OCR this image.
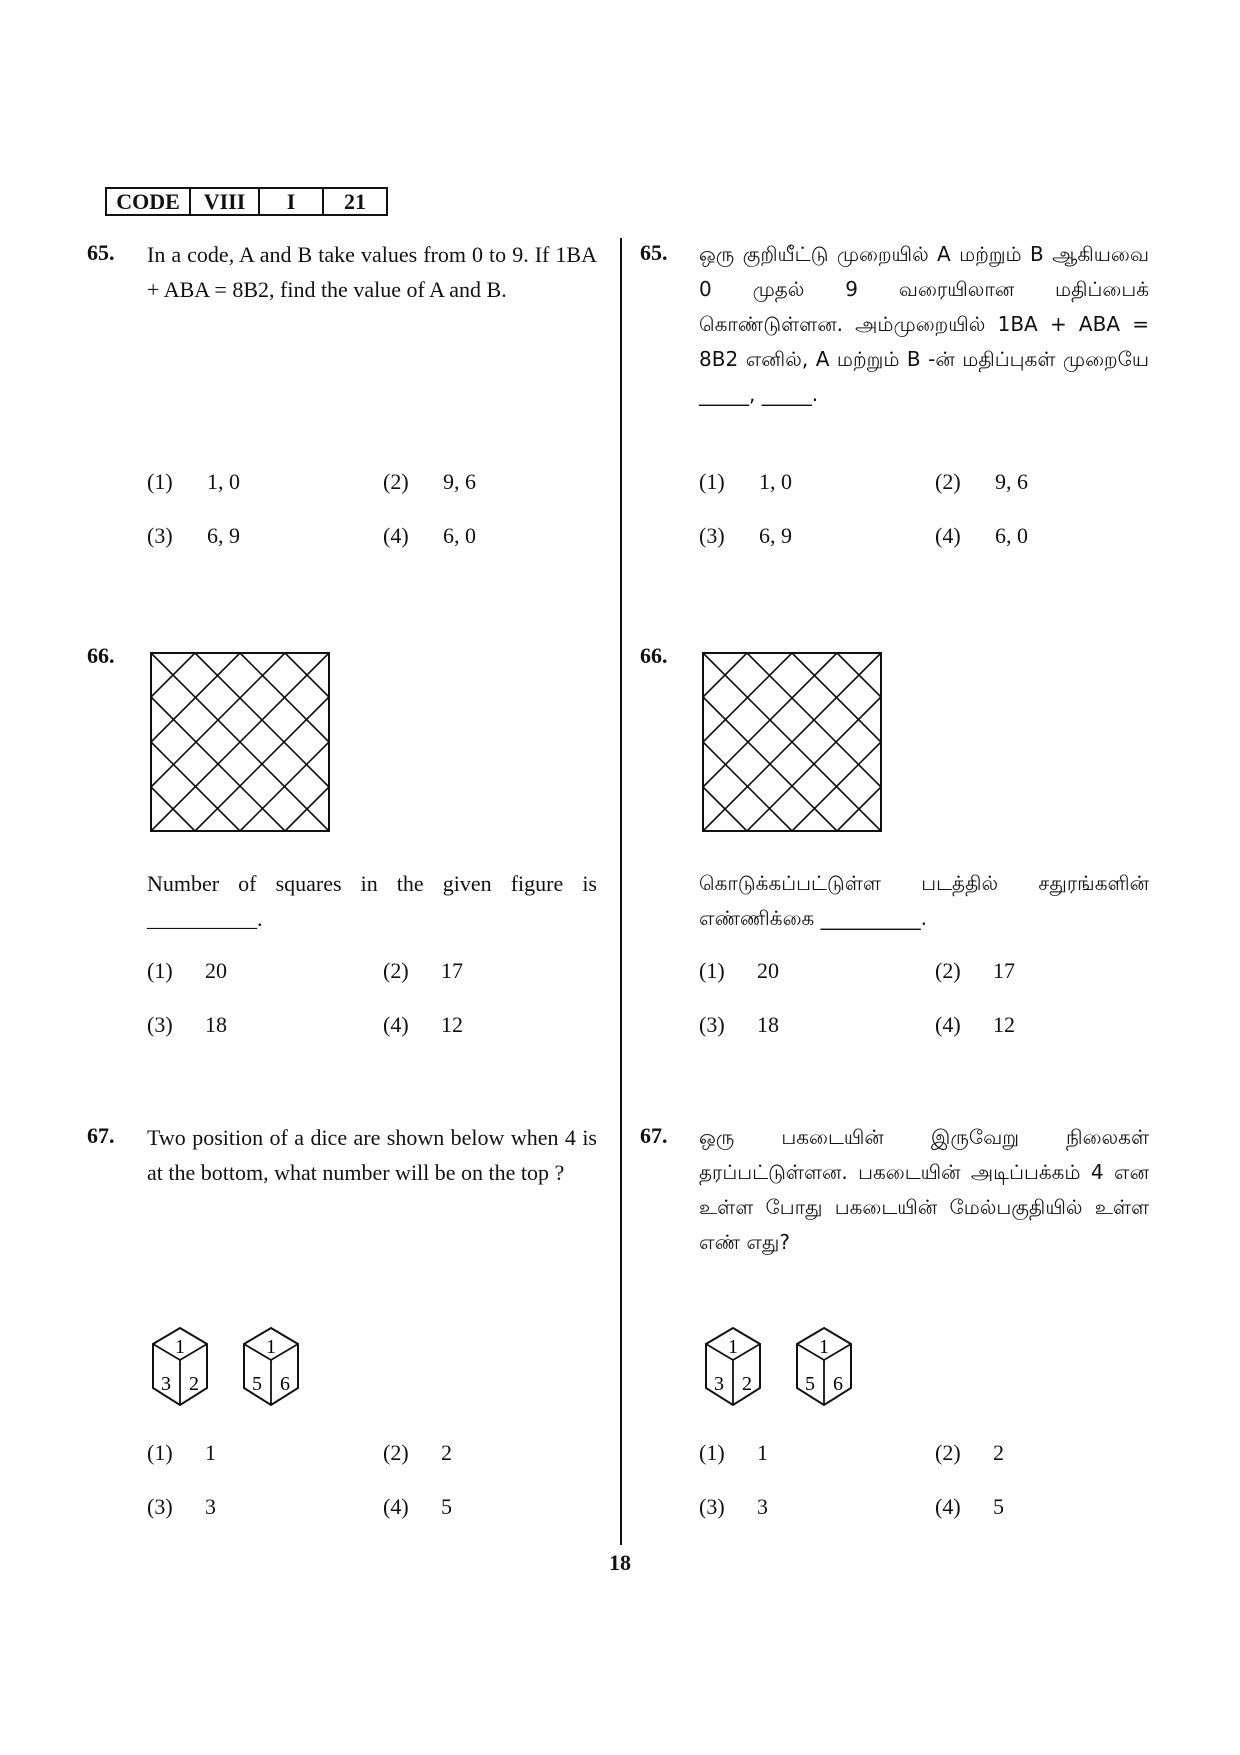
CODE	VIII	I	21
65. In a code, A and B take values from 0 to 9. If 1BA + ABA = 8B2, find the value of A and B.
(1) 1, 0	(2) 9, 6
(3) 6, 9	(4) 6, 0
66.
Number of squares in the given figure is __________.
(1) 20	(2) 17
(3) 18	(4) 12
67. Two position of a dice are shown below when 4 is at the bottom, what number will be on the top ?
1
3 2
1
5 6
(1) 1	(2) 2
(3) 3	(4) 5
65. ஒரு குறியீட்டு முறையில் A மற்றும் B ஆகியவை 0 முதல் 9 வரையிலான மதிப்பைக் கொண்டுள்ளன. அம்முறையில் 1BA + ABA = 8B2 எனில், A மற்றும் B -ன் மதிப்புகள் முறையே _____, _____.
(1) 1, 0	(2) 9, 6
(3) 6, 9	(4) 6, 0
66.
கொடுக்கப்பட்டுள்ள படத்தில் சதுரங்களின் எண்ணிக்கை __________.
(1) 20	(2) 17
(3) 18	(4) 12
67. ஒரு பகடையின் இருவேறு நிலைகள் தரப்பட்டுள்ளன. பகடையின் அடிப்பக்கம் 4 என உள்ள போது பகடையின் மேல்பகுதியில் உள்ள எண் எது?
1
3 2
1
5 6
(1) 1	(2) 2
(3) 3	(4) 5
18
